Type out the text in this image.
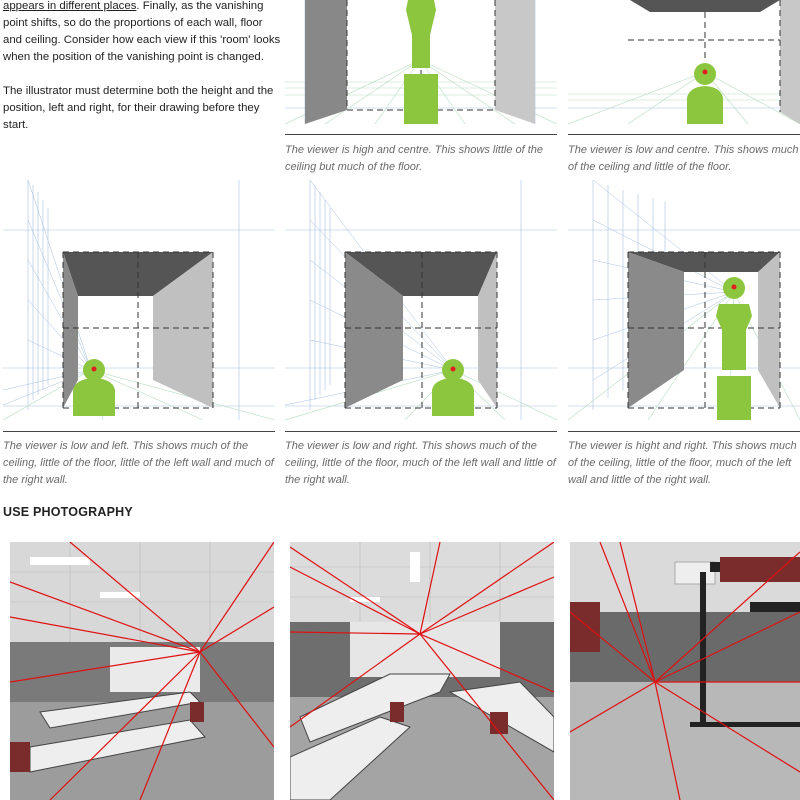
appears in different places. Finally, as the vanishing point shifts, so do the proportions of each wall, floor and ceiling. Consider how each view if this 'room' looks when the position of the vanishing point is changed.

The illustrator must determine both the height and the position, left and right, for their drawing before they start.

The viewer is high and centre. This shows little of the ceiling but much of the floor.
The viewer is low and centre. This shows much of the ceiling and little of the floor.
The viewer is low and left. This shows much of the ceiling, little of the floor, little of the left wall and much of the right wall.
The viewer is low and right. This shows much of the ceiling, little of the floor, much of the left wall and little of the right wall.
The viewer is hight and right. This shows much of the ceiling, little of the floor, much of the left wall and little of the right wall.
USE PHOTOGRAPHY
